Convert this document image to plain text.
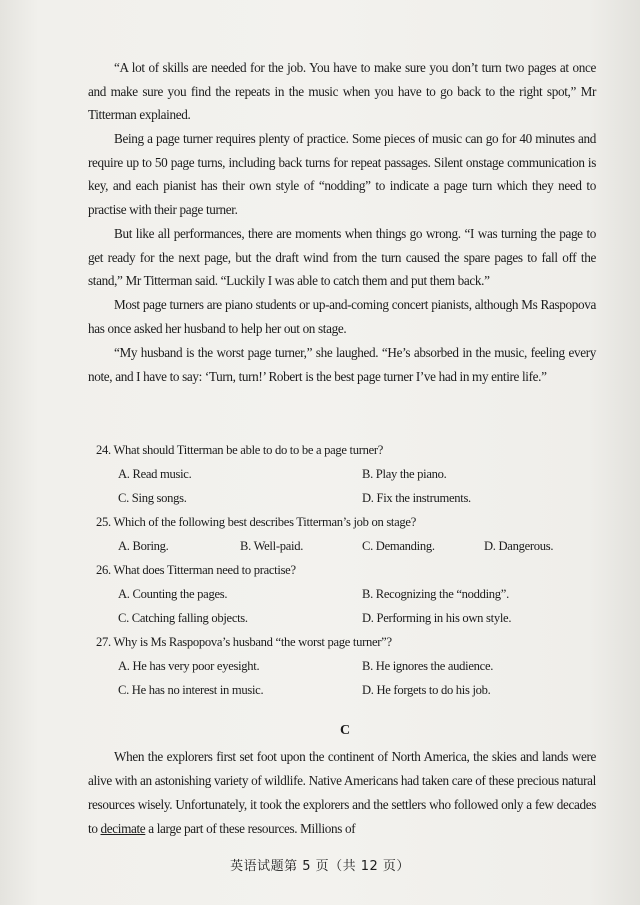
“A lot of skills are needed for the job. You have to make sure you don’t turn two pages at once and make sure you find the repeats in the music when you have to go back to the right spot,” Mr Titterman explained.

Being a page turner requires plenty of practice. Some pieces of music can go for 40 minutes and require up to 50 page turns, including back turns for repeat passages. Silent onstage communication is key, and each pianist has their own style of “nodding” to indicate a page turn which they need to practise with their page turner.

But like all performances, there are moments when things go wrong. “I was turning the page to get ready for the next page, but the draft wind from the turn caused the spare pages to fall off the stand,” Mr Titterman said. “Luckily I was able to catch them and put them back.”

Most page turners are piano students or up-and-coming concert pianists, although Ms Raspopova has once asked her husband to help her out on stage.

“My husband is the worst page turner,” she laughed. “He’s absorbed in the music, feeling every note, and I have to say: ‘Turn, turn!’ Robert is the best page turner I’ve had in my entire life.”

24. What should Titterman be able to do to be a page turner?
A. Read music.	B. Play the piano.
C. Sing songs.	D. Fix the instruments.
25. Which of the following best describes Titterman’s job on stage?
A. Boring.	B. Well-paid.	C. Demanding.	D. Dangerous.
26. What does Titterman need to practise?
A. Counting the pages.	B. Recognizing the “nodding”.
C. Catching falling objects.	D. Performing in his own style.
27. Why is Ms Raspopova’s husband “the worst page turner”?
A. He has very poor eyesight.	B. He ignores the audience.
C. He has no interest in music.	D. He forgets to do his job.
C

When the explorers first set foot upon the continent of North America, the skies and lands were alive with an astonishing variety of wildlife. Native Americans had taken care of these precious natural resources wisely. Unfortunately, it took the explorers and the settlers who followed only a few decades to decimate a large part of these resources. Millions of

英语试题第 5 页（共 12 页）
